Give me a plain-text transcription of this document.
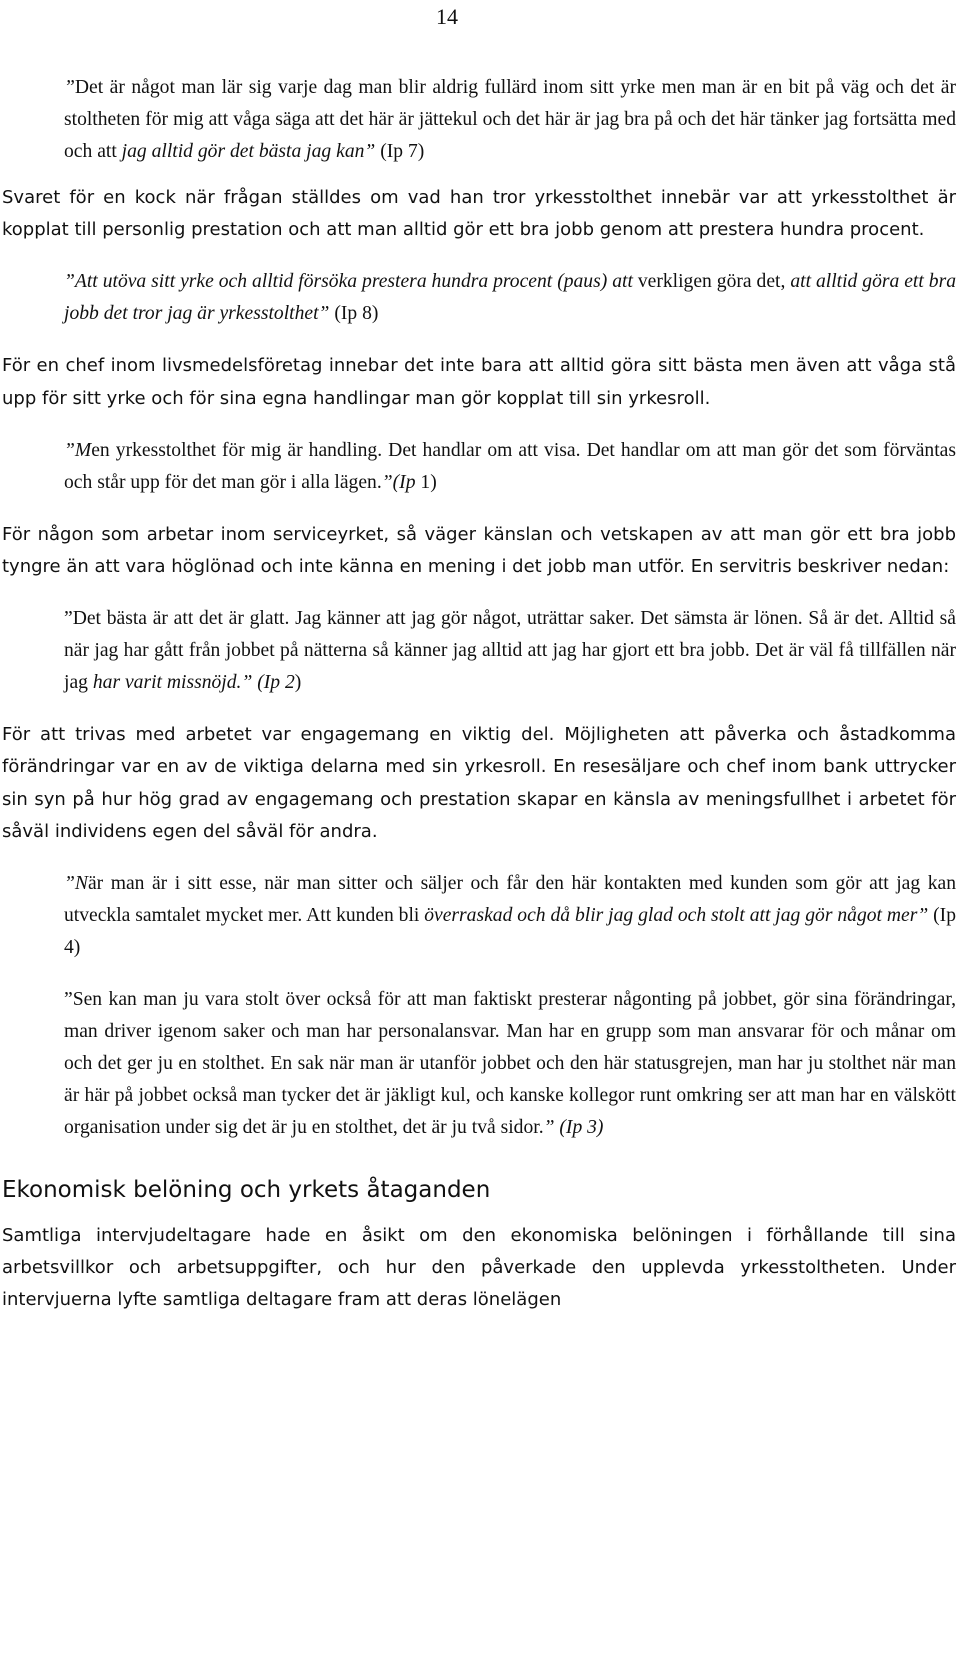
14

”Det är något man lär sig varje dag man blir aldrig fullärd inom sitt yrke men man är en bit på väg och det är stoltheten för mig att våga säga att det här är jättekul och det här är jag bra på och det här tänker jag fortsätta med och att jag alltid gör det bästa jag kan” (Ip 7)

Svaret för en kock när frågan ställdes om vad han tror yrkesstolthet innebär var att yrkesstolthet är kopplat till personlig prestation och att man alltid gör ett bra jobb genom att prestera hundra procent.

”Att utöva sitt yrke och alltid försöka prestera hundra procent (paus) att verkligen göra det, att alltid göra ett bra jobb det tror jag är yrkesstolthet” (Ip 8)

För en chef inom livsmedelsföretag innebar det inte bara att alltid göra sitt bästa men även att våga stå upp för sitt yrke och för sina egna handlingar man gör kopplat till sin yrkesroll.

”Men yrkesstolthet för mig är handling. Det handlar om att visa. Det handlar om att man gör det som förväntas och står upp för det man gör i alla lägen.”(Ip 1)

För någon som arbetar inom serviceyrket, så väger känslan och vetskapen av att man gör ett bra jobb tyngre än att vara höglönad och inte känna en mening i det jobb man utför. En servitris beskriver nedan:

”Det bästa är att det är glatt. Jag känner att jag gör något, uträttar saker. Det sämsta är lönen. Så är det. Alltid så när jag har gått från jobbet på nätterna så känner jag alltid att jag har gjort ett bra jobb. Det är väl få tillfällen när jag har varit missnöjd.” (Ip 2)

För att trivas med arbetet var engagemang en viktig del. Möjligheten att påverka och åstadkomma förändringar var en av de viktiga delarna med sin yrkesroll. En resesäljare och chef inom bank uttrycker sin syn på hur hög grad av engagemang och prestation skapar en känsla av meningsfullhet i arbetet för såväl individens egen del såväl för andra.

”När man är i sitt esse, när man sitter och säljer och får den här kontakten med kunden som gör att jag kan utveckla samtalet mycket mer. Att kunden bli överraskad och då blir jag glad och stolt att jag gör något mer” (Ip 4)

”Sen kan man ju vara stolt över också för att man faktiskt presterar någonting på jobbet, gör sina förändringar, man driver igenom saker och man har personalansvar. Man har en grupp som man ansvarar för och månar om och det ger ju en stolthet. En sak när man är utanför jobbet och den här statusgrejen, man har ju stolthet när man är här på jobbet också man tycker det är jäkligt kul, och kanske kollegor runt omkring ser att man har en välskött organisation under sig det är ju en stolthet, det är ju två sidor.” (Ip 3)

Ekonomisk belöning och yrkets åtaganden

Samtliga intervjudeltagare hade en åsikt om den ekonomiska belöningen i förhållande till sina arbetsvillkor och arbetsuppgifter, och hur den påverkade den upplevda yrkesstoltheten. Under intervjuerna lyfte samtliga deltagare fram att deras lönelägen
